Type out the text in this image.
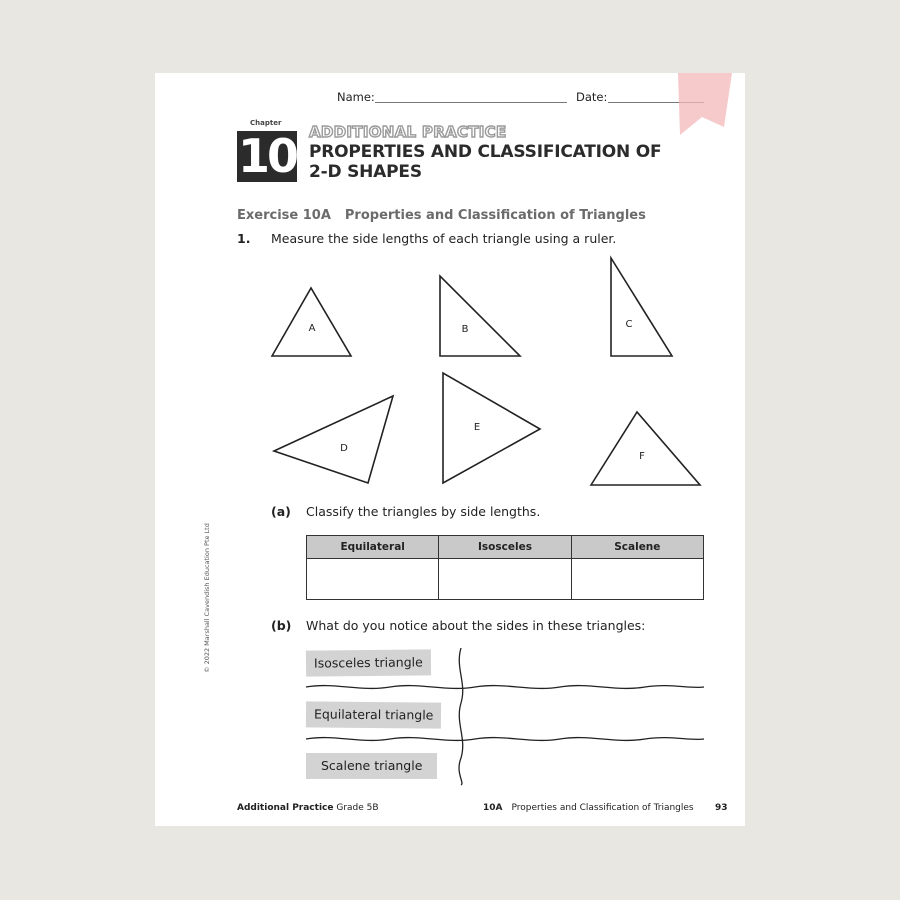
Name:	Date:
Chapter
10 ADDITIONAL PRACTICE
PROPERTIES AND CLASSIFICATION OF
2-D SHAPES
Exercise 10A Properties and Classification of Triangles
1. Measure the side lengths of each triangle using a ruler.
A	B	C
D
E
F
(a) Classify the triangles by side lengths.
Equilateral	Isosceles	Scalene

(b) What do you notice about the sides in these triangles:
Isosceles triangle
Equilateral triangle
Scalene triangle
© 2022 Marshall Cavendish Education Pte Ltd
Additional Practice Grade 5B	10A Properties and Classification of Triangles 93
